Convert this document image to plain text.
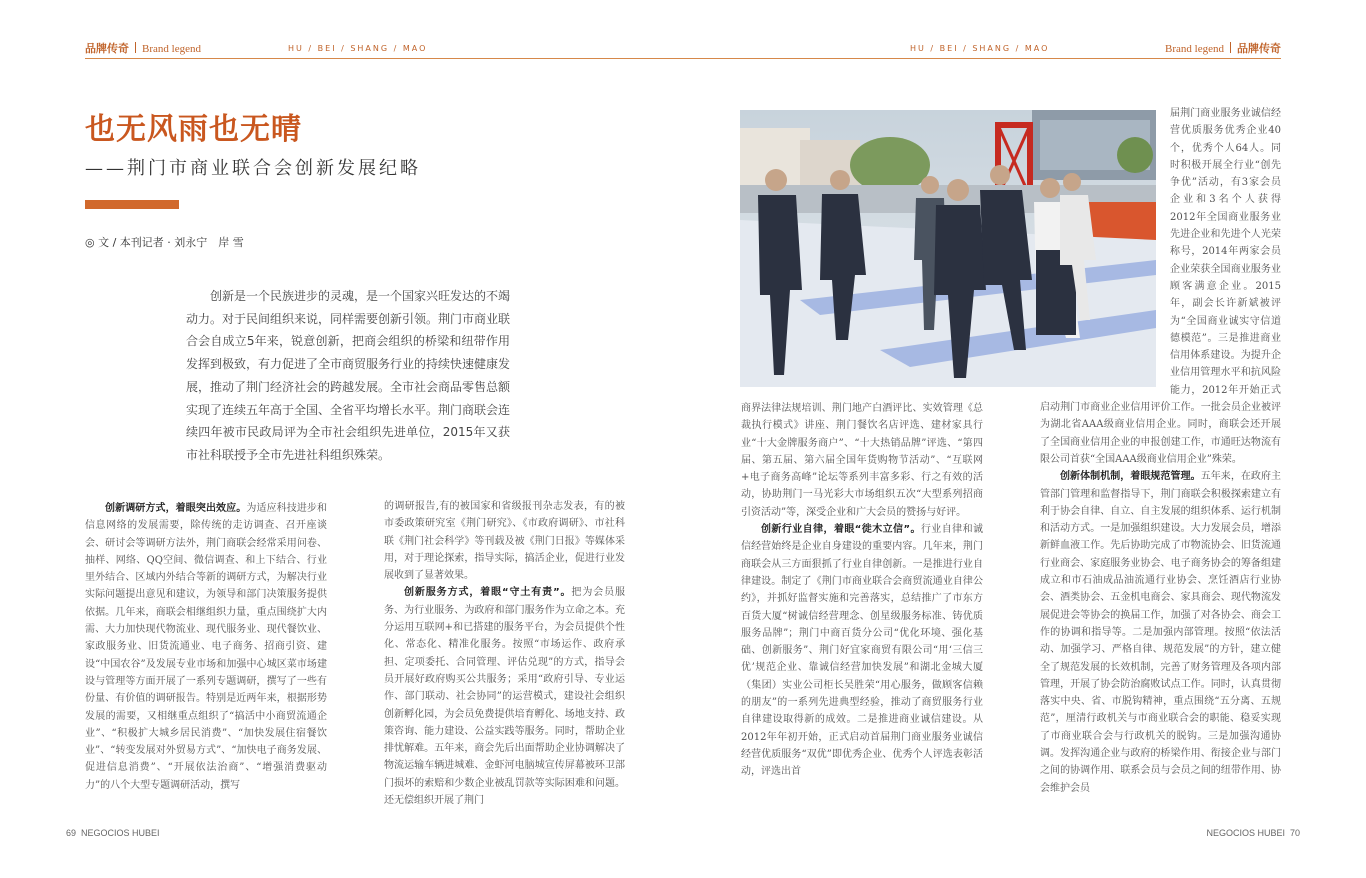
品牌传奇 Brand legend	HU / BEI / SHANG / MAO	HU / BEI / SHANG / MAO	Brand legend 品牌传奇
也无风雨也无晴
——荆门市商业联合会创新发展纪略
◎ 文 / 本刊记者 · 刘永宁　岸 雪

创新是一个民族进步的灵魂，是一个国家兴旺发达的不竭动力。对于民间组织来说，同样需要创新引领。荆门市商业联合会自成立5年来，锐意创新，把商会组织的桥梁和纽带作用发挥到极致，有力促进了全市商贸服务行业的持续快速健康发展，推动了荆门经济社会的跨越发展。全市社会商品零售总额实现了连续五年高于全国、全省平均增长水平。荆门商联会连续四年被市民政局评为全市社会组织先进单位，2015年又获市社科联授予全市先进社科组织殊荣。

创新调研方式，着眼突出效应。为适应科技进步和信息网络的发展需要，除传统的走访调查、召开座谈会、研讨会等调研方法外，荆门商联会经常采用问卷、抽样、网络、QQ空间、微信调查、和上下结合、行业里外结合、区域内外结合等新的调研方式，为解决行业实际问题提出意见和建议，为领导和部门决策服务提供依据。几年来，商联会相继组织力量，重点围绕扩大内需、大力加快现代物流业、现代服务业、现代餐饮业、家政服务业、旧货流通业、电子商务、招商引资、建设“中国农谷”及发展专业市场和加强中心城区菜市场建设与管理等方面开展了一系列专题调研，撰写了一些有份量、有价值的调研报告。特别是近两年来，根据形势发展的需要，又相继重点组织了“搞活中小商贸流通企业”、“积极扩大城乡居民消费”、“加快发展住宿餐饮业”、“转变发展对外贸易方式”、“加快电子商务发展、促进信息消费”、“开展依法治商”、“增强消费驱动力”的八个大型专题调研活动，撰写

的调研报告,有的被国家和省级报刊杂志发表，有的被市委政策研究室《荆门研究》、《市政府调研》、市社科联《荆门社会科学》等刊载及被《荆门日报》等媒体采用，对于理论探索，指导实际，搞活企业，促进行业发展收到了显著效果。

创新服务方式，着眼“守土有责”。把为会员服务、为行业服务、为政府和部门服务作为立命之本。充分运用互联网+和已搭建的服务平台，为会员提供个性化、常态化、精准化服务。按照“市场运作、政府承担、定项委托、合同管理、评估兑现”的方式，指导会员开展好政府购买公共服务；采用“政府引导、专业运作、部门联动、社会协同”的运营模式，建设社会组织创新孵化园，为会员免费提供培育孵化、场地支持、政策咨询、能力建设、公益实践等服务。同时，帮助企业排忧解难。五年来，商会先后出面帮助企业协调解决了物流运输车辆进城难、金虾河电脑城宣传屏幕被环卫部门损坏的索赔和少数企业被乱罚款等实际困难和问题。还无偿组织开展了荆门

商界法律法规培训、荆门地产白酒评比、实效管理《总裁执行模式》讲座、荆门餐饮名店评选、建材家具行业“十大金牌服务商户”、“十大热销品牌”评选、“第四届、第五届、第六届全国年货购物节活动”、“互联网+电子商务高峰”论坛等系列丰富多彩、行之有效的活动，协助荆门一马光彩大市场组织五次“大型系列招商引资活动”等，深受企业和广大会员的赞扬与好评。

创新行业自律，着眼“徙木立信”。行业自律和诚信经营始终是企业自身建设的重要内容。几年来，荆门商联会从三方面狠抓了行业自律创新。一是推进行业自律建设。制定了《荆门市商业联合会商贸流通业自律公约》，并抓好监督实施和完善落实，总结推广了市东方百货大厦“树诚信经营理念、创星级服务标准、铸优质服务品牌”；荆门中商百货分公司“优化环境、强化基础、创新服务”、荆门好宜家商贸有限公司“用‘三信三优’规范企业、靠诚信经营加快发展”和湖北金城大厦（集团）实业公司柜长吴胜荣“用心服务，做顾客信赖的朋友”的一系列先进典型经验，推动了商贸服务行业自律建设取得新的成效。二是推进商业诚信建设。从2012年年初开始，正式启动首届荆门商业服务业诚信经营优质服务“双优”即优秀企业、优秀个人评选表彰活动，评选出首

届荆门商业服务业诚信经营优质服务优秀企业40个，优秀个人64人。同时积极开展全行业“创先争优”活动，有3家会员企业和3名个人获得2012年全国商业服务业先进企业和先进个人光荣称号，2014年两家会员企业荣获全国商业服务业顾客满意企业。2015年，副会长许新斌被评为“全国商业诚实守信道德模范”。三是推进商业信用体系建设。为提升企业信用管理水平和抗风险能力，2012年开始正式启动荆门市商业企业信用评价工作。一批会员企业被评为湖北省AAA级商业信用企业。同时，商联会还开展了全国商业信用企业的申报创建工作，市通旺达物流有限公司首获“全国AAA级商业信用企业”殊荣。

创新体制机制，着眼规范管理。五年来，在政府主管部门管理和监督指导下，荆门商联会积极探索建立有利于协会自律、自立、自主发展的组织体系、运行机制和活动方式。一是加强组织建设。大力发展会员，增添新鲜血液工作。先后协助完成了市物流协会、旧货流通行业商会、家庭服务业协会、电子商务协会的筹备组建成立和市石油成品油流通行业协会、烹饪酒店行业协会、酒类协会、五金机电商会、家具商会、现代物流发展促进会等协会的换届工作，加强了对各协会、商会工作的协调和指导等。二是加强内部管理。按照“依法活动、加强学习、严格自律、规范发展”的方针，建立健全了规范发展的长效机制，完善了财务管理及各项内部管理，开展了协会防治腐败试点工作。同时，认真贯彻落实中央、省、市脱钩精神，重点围绕“五分离、五规范”，厘清行政机关与市商业联合会的职能、稳妥实现了市商业联合会与行政机关的脱钩。三是加强沟通协调。发挥沟通企业与政府的桥梁作用、衔接企业与部门之间的协调作用、联系会员与会员之间的纽带作用、协会维护会员

69 NEGOCIOS HUBEI	NEGOCIOS HUBEI 70
